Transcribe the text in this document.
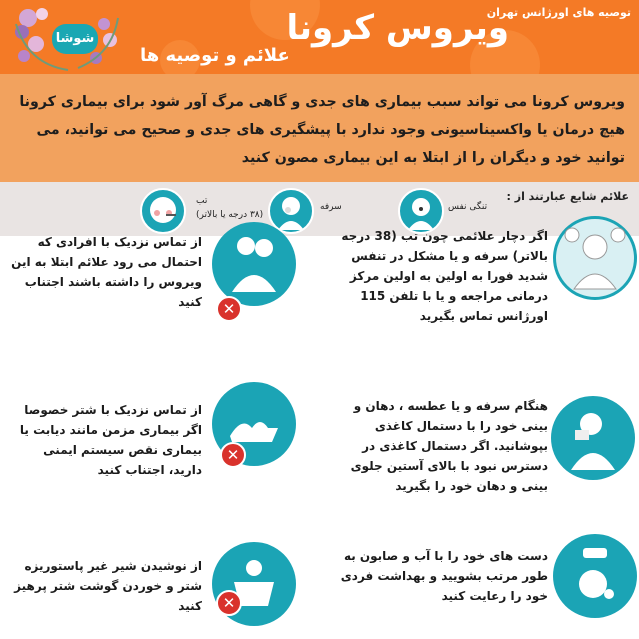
توصیه های اورژانس تهران
ویروس کرونا
علائم و توصیه ها
شوشا

ویروس کرونا می تواند سبب بیماری های جدی و گاهی مرگ آور شود برای بیماری کرونا هیچ درمان یا واکسیناسیونی وجود ندارد با پیشگیری های جدی و صحیح می توانید، می توانید خود و دیگران را از ابتلا به این بیماری مصون کنید

علائم شایع عبارتند از :
تنگی نفس
سرفه
تب
(۳۸ درجه یا بالاتر)
اگر دچار علائمی چون تب (38 درجه بالاتر) سرفه و یا مشکل در تنفس شدید فورا به اولین به اولین مرکز درمانی مراجعه و یا با تلفن 115 اورژانس تماس بگیرید
از تماس نزدیک با افرادی که احتمال می رود علائم ابتلا به این ویروس را داشته باشند اجتناب کنید	✕
هنگام سرفه و یا عطسه ، دهان و بینی خود را با دستمال کاغذی بپوشانید. اگر دستمال کاغذی در دسترس نبود با بالای آستین جلوی بینی و دهان خود را بگیرید
از تماس نزدیک با شتر خصوصا اگر بیماری مزمن مانند دیابت یا بیماری نقص سیستم ایمنی دارید، اجتناب کنید
✕
دست های خود را با آب و صابون به طور مرتب بشویید و بهداشت فردی خود را رعایت کنید
از نوشیدن شیر غیر پاستوریزه شتر و خوردن گوشت شتر پرهیز کنید	✕
